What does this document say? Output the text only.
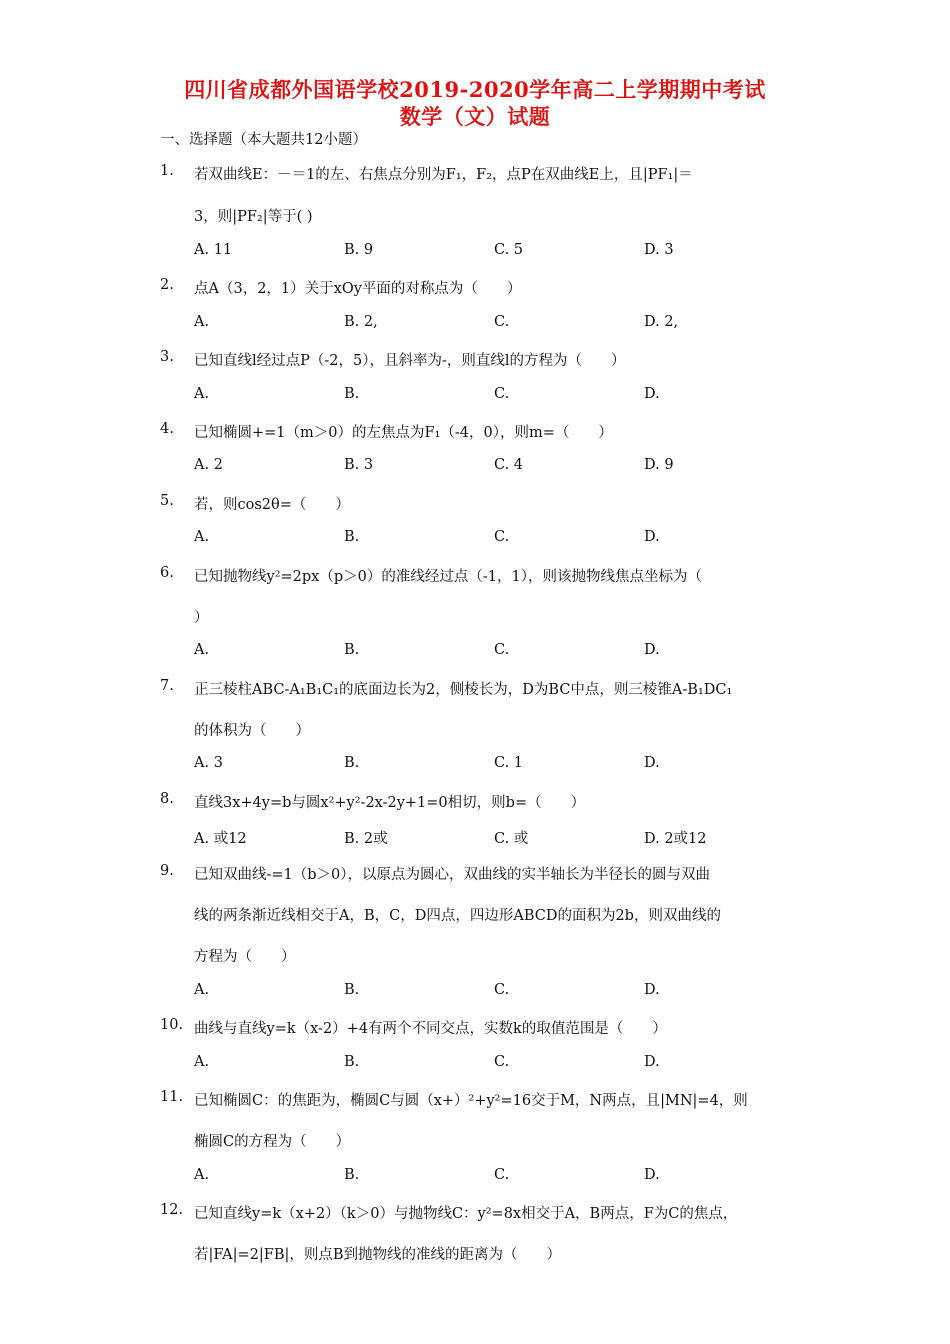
四川省成都外国语学校2019-2020学年高二上学期期中考试
数学（文）试题
一、选择题（本大题共12小题）
1. 若双曲线E：－＝1的左、右焦点分别为F₁，F₂，点P在双曲线E上，且|PF₁|＝
3，则|PF₂|等于( )
A. 11	B. 9	C. 5	D. 3
2. 点A（3，2，1）关于xOy平面的对称点为（　　）
A.	B. 2,	C.	D. 2,
3. 已知直线l经过点P（-2，5），且斜率为-，则直线l的方程为（　　）
A.	B.	C.	D.
4. 已知椭圆+=1（m＞0）的左焦点为F₁（-4，0），则m=（　　）
A. 2	B. 3	C. 4	D. 9
5. 若，则cos2θ=（　　）
A.	B.	C.	D.
6. 已知抛物线y²=2px（p＞0）的准线经过点（-1，1），则该抛物线焦点坐标为（
）
A.	B.	C.	D.
7. 正三棱柱ABC-A₁B₁C₁的底面边长为2，侧棱长为，D为BC中点，则三棱锥A-B₁DC₁
的体积为（　　）
A. 3	B.	C. 1	D.
8. 直线3x+4y=b与圆x²+y²-2x-2y+1=0相切，则b=（　　）
A. 或12	B. 2或	C. 或	D. 2或12
9. 已知双曲线-=1（b＞0），以原点为圆心，双曲线的实半轴长为半径长的圆与双曲
线的两条渐近线相交于A，B，C，D四点，四边形ABCD的面积为2b，则双曲线的
方程为（　　）
A.	B.	C.	D.
10. 曲线与直线y=k（x-2）+4有两个不同交点，实数k的取值范围是（　　）
A.	B.	C.	D.
11. 已知椭圆C：的焦距为，椭圆C与圆（x+）²+y²=16交于M，N两点，且|MN|=4，则
椭圆C的方程为（　　）
A.	B.	C.	D.
12. 已知直线y=k（x+2）（k＞0）与抛物线C：y²=8x相交于A，B两点，F为C的焦点，
若|FA|=2|FB|，则点B到抛物线的准线的距离为（　　）
